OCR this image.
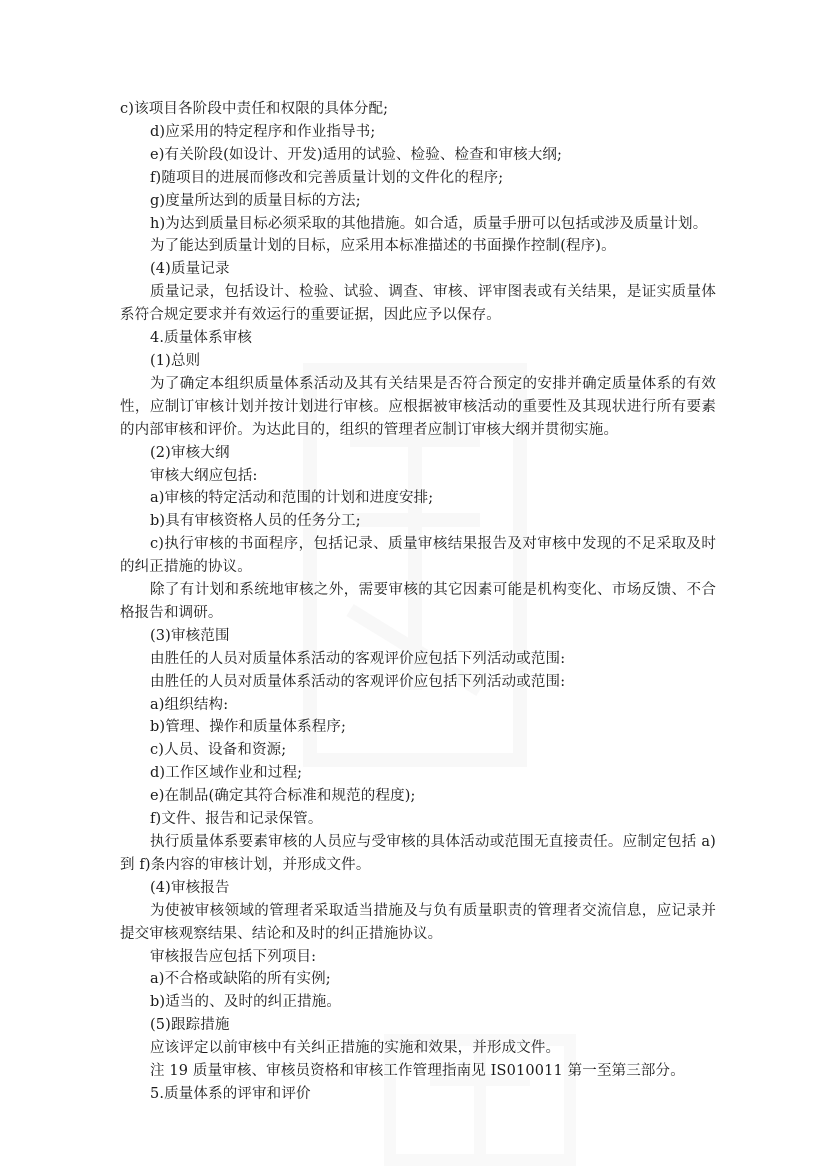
c)该项目各阶段中责任和权限的具体分配;
d)应采用的特定程序和作业指导书;
e)有关阶段(如设计、开发)适用的试验、检验、检查和审核大纲;
f)随项目的进展而修改和完善质量计划的文件化的程序;
g)度量所达到的质量目标的方法;
h)为达到质量目标必须采取的其他措施。如合适，质量手册可以包括或涉及质量计划。
为了能达到质量计划的目标，应采用本标准描述的书面操作控制(程序)。
(4)质量记录
质量记录，包括设计、检验、试验、调查、审核、评审图表或有关结果，是证实质量体系符合规定要求并有效运行的重要证据，因此应予以保存。
4.质量体系审核
(1)总则
为了确定本组织质量体系活动及其有关结果是否符合预定的安排并确定质量体系的有效性，应制订审核计划并按计划进行审核。应根据被审核活动的重要性及其现状进行所有要素的内部审核和评价。为达此目的，组织的管理者应制订审核大纲并贯彻实施。
(2)审核大纲
审核大纲应包括:
a)审核的特定活动和范围的计划和进度安排;
b)具有审核资格人员的任务分工;
c)执行审核的书面程序，包括记录、质量审核结果报告及对审核中发现的不足采取及时的纠正措施的协议。
除了有计划和系统地审核之外，需要审核的其它因素可能是机构变化、市场反馈、不合格报告和调研。
(3)审核范围
由胜任的人员对质量体系活动的客观评价应包括下列活动或范围:
由胜任的人员对质量体系活动的客观评价应包括下列活动或范围:
a)组织结构:
b)管理、操作和质量体系程序;
c)人员、设备和资源;
d)工作区域作业和过程;
e)在制品(确定其符合标准和规范的程度);
f)文件、报告和记录保管。
执行质量体系要素审核的人员应与受审核的具体活动或范围无直接责任。应制定包括 a)到 f)条内容的审核计划，并形成文件。
(4)审核报告
为使被审核领域的管理者采取适当措施及与负有质量职责的管理者交流信息，应记录并提交审核观察结果、结论和及时的纠正措施协议。
审核报告应包括下列项目:
a)不合格或缺陷的所有实例;
b)适当的、及时的纠正措施。
(5)跟踪措施
应该评定以前审核中有关纠正措施的实施和效果，并形成文件。
注 19 质量审核、审核员资格和审核工作管理指南见 IS010011 第一至第三部分。
5.质量体系的评审和评价
